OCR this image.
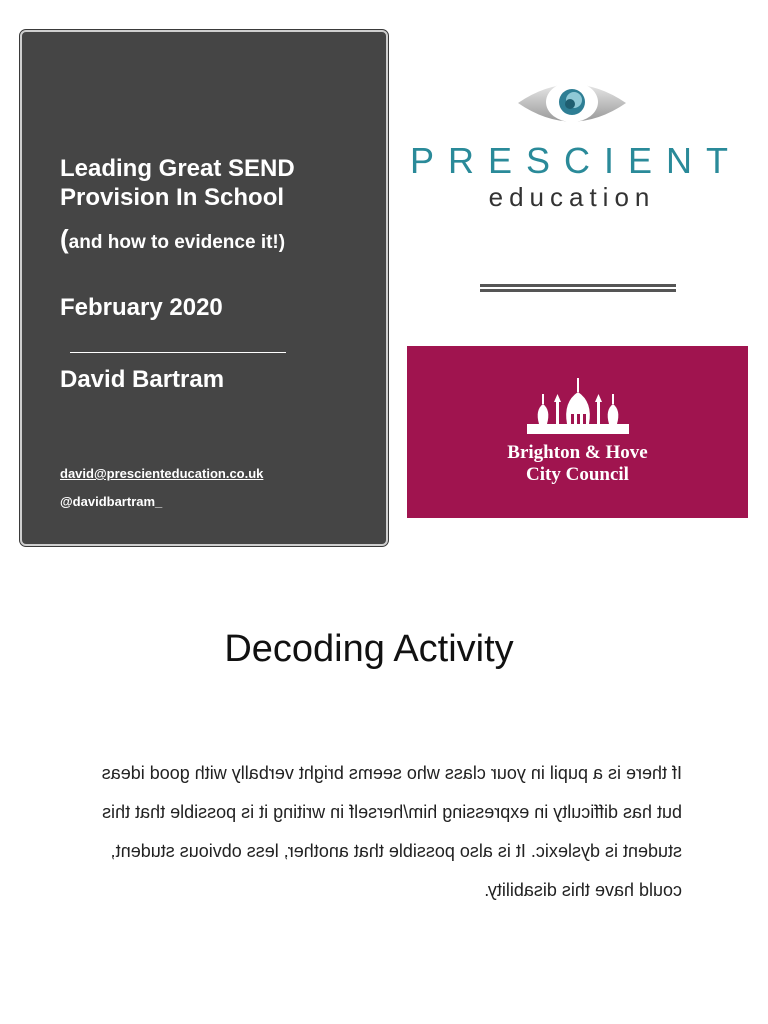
Leading Great SEND Provision In School
(and how to evidence it!)
February 2020
David Bartram
david@prescienteducation.co.uk
@davidbartram_
PRESCIENT
education
Brighton & Hove
City Council
Decoding Activity
If there is a pupil in your class who seems bright verbally with good ideas
but has difficulty in expressing him/herself in writing it is possible that this
student is dyslexic. It is also possible that another, less obvious student,
could have this disability.
